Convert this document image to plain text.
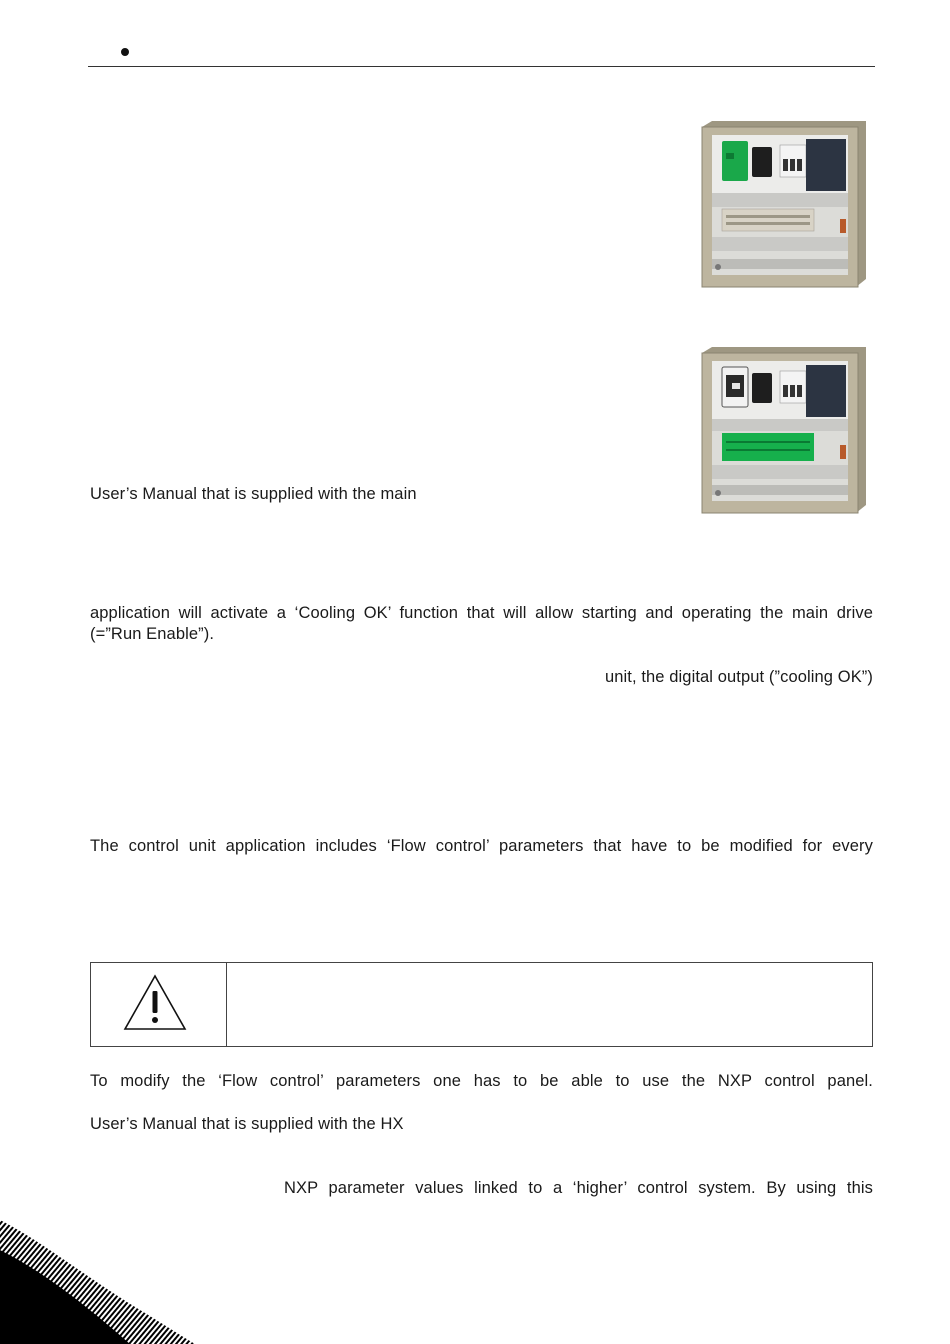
User’s Manual that is supplied with the main
application will activate a ‘Cooling OK’ function that will allow starting and operating the main drive
(=”Run Enable”).
unit, the digital output (”cooling OK”)
The control unit application includes ‘Flow control’ parameters that have to be modified for every
To modify the ‘Flow control’ parameters one has to be able to use the NXP control panel.
User’s Manual that is supplied with the HX
NXP parameter values linked to a ‘higher’ control system. By using this
